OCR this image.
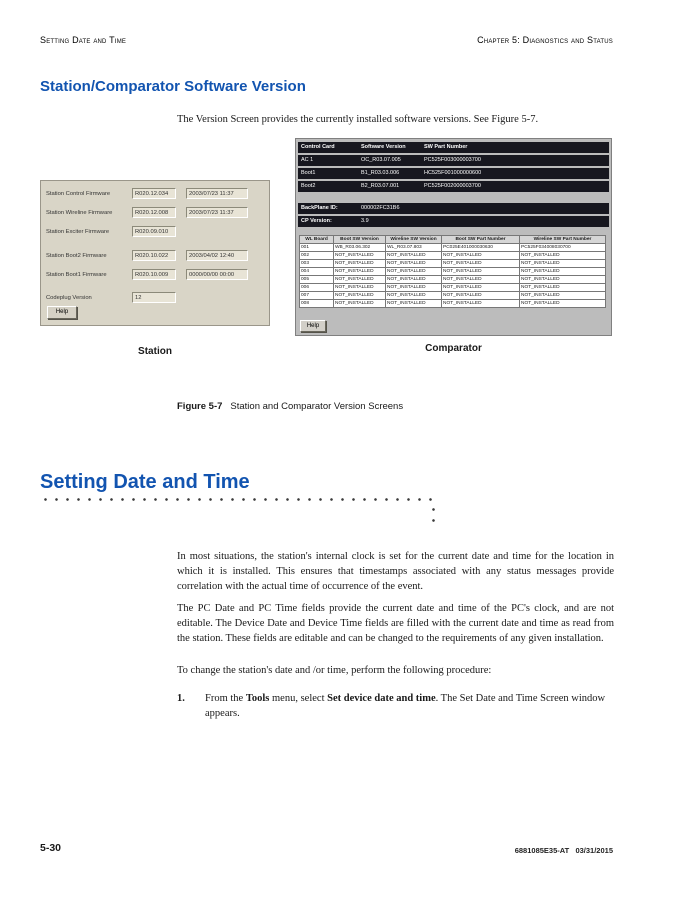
Setting Date and Time	Chapter 5: Diagnostics and Status
Station/Comparator Software Version

The Version Screen provides the currently installed software versions. See Figure 5-7.

Station Control Firmware	R020.12.034	2003/07/23 11:37
Station Wireline Firmware	R020.12.008	2003/07/23 11:37
Station Exciter Firmware	R020.09.010
Station Boot2 Firmware	R020.10.022	2003/04/02 12:40
Station Boot1 Firmware	R020.10.009	0000/00/00 00:00
Codeplug Version	12
Help
Control Card	Software Version	SW Part Number
AC 1	OC_R03.07.005	PC525F003000003700
Boot1	B1_R03.03.006	HC525F001000000600
Boot2	B2_R03.07.001	PC525F002000003700
BackPlane ID:	000002FC31B6
CP Version:	3.9
WL Board	Boot SW Version	Wireline SW Version	Boot SW Part Number	Wireline SW Part Number
001	WB_R03.06.302	WL_R03.07.803	PC025E401000030630	PC525F034008030700
002	NOT_INSTALLED	NOT_INSTALLED	NOT_INSTALLED	NOT_INSTALLED
003	NOT_INSTALLED	NOT_INSTALLED	NOT_INSTALLED	NOT_INSTALLED
004	NOT_INSTALLED	NOT_INSTALLED	NOT_INSTALLED	NOT_INSTALLED
005	NOT_INSTALLED	NOT_INSTALLED	NOT_INSTALLED	NOT_INSTALLED
006	NOT_INSTALLED	NOT_INSTALLED	NOT_INSTALLED	NOT_INSTALLED
007	NOT_INSTALLED	NOT_INSTALLED	NOT_INSTALLED	NOT_INSTALLED
008	NOT_INSTALLED	NOT_INSTALLED	NOT_INSTALLED	NOT_INSTALLED
Help
Station	Comparator

Figure 5-7 Station and Comparator Version Screens

Setting Date and Time

In most situations, the station's internal clock is set for the current date and time for the location in which it is installed. This ensures that timestamps associated with any status messages provide correlation with the actual time of occurrence of the event.

The PC Date and PC Time fields provide the current date and time of the PC's clock, and are not editable. The Device Date and Device Time fields are filled with the current date and time as read from the station. These fields are editable and can be changed to the requirements of any given installation.

To change the station's date and /or time, perform the following procedure:

1. From the Tools menu, select Set device date and time. The Set Date and Time Screen window appears.
5-30	6881085E35-AT   03/31/2015
